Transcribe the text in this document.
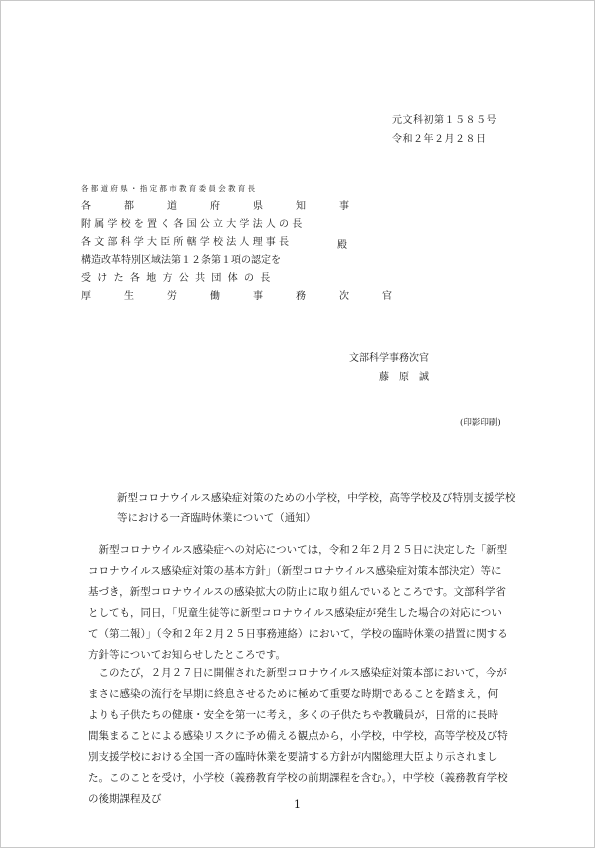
元文科初第１５８５号
令和２年２月２８日
各都道府県・指定都市教育委員会教育長
各都道府県知事
附属学校を置く各国公立大学法人の長
各文部科学大臣所轄学校法人理事長
構造改革特別区域法第１２条第１項の認定を
受けた各地方公共団体の長
厚生労働事務次官
殿
文部科学事務次官
藤原誠
(印影印刷)
新型コロナウイルス感染症対策のための小学校，中学校，高等学校及び特別支援学校
等における一斉臨時休業について（通知）

新型コロナウイルス感染症への対応については，令和２年２月２５日に決定した「新型コロナウイルス感染症対策の基本方針」（新型コロナウイルス感染症対策本部決定）等に基づき，新型コロナウイルスの感染拡大の防止に取り組んでいるところです。文部科学省としても，同日，「児童生徒等に新型コロナウイルス感染症が発生した場合の対応について（第二報）」（令和２年２月２５日事務連絡）において，学校の臨時休業の措置に関する方針等についてお知らせしたところです。

このたび，２月２７日に開催された新型コロナウイルス感染症対策本部において，今がまさに感染の流行を早期に終息させるために極めて重要な時期であることを踏まえ，何よりも子供たちの健康・安全を第一に考え，多くの子供たちや教職員が，日常的に長時間集まることによる感染リスクに予め備える観点から，小学校，中学校，高等学校及び特別支援学校における全国一斉の臨時休業を要請する方針が内閣総理大臣より示されました。このことを受け，小学校（義務教育学校の前期課程を含む。），中学校（義務教育学校の後期課程及び	1
